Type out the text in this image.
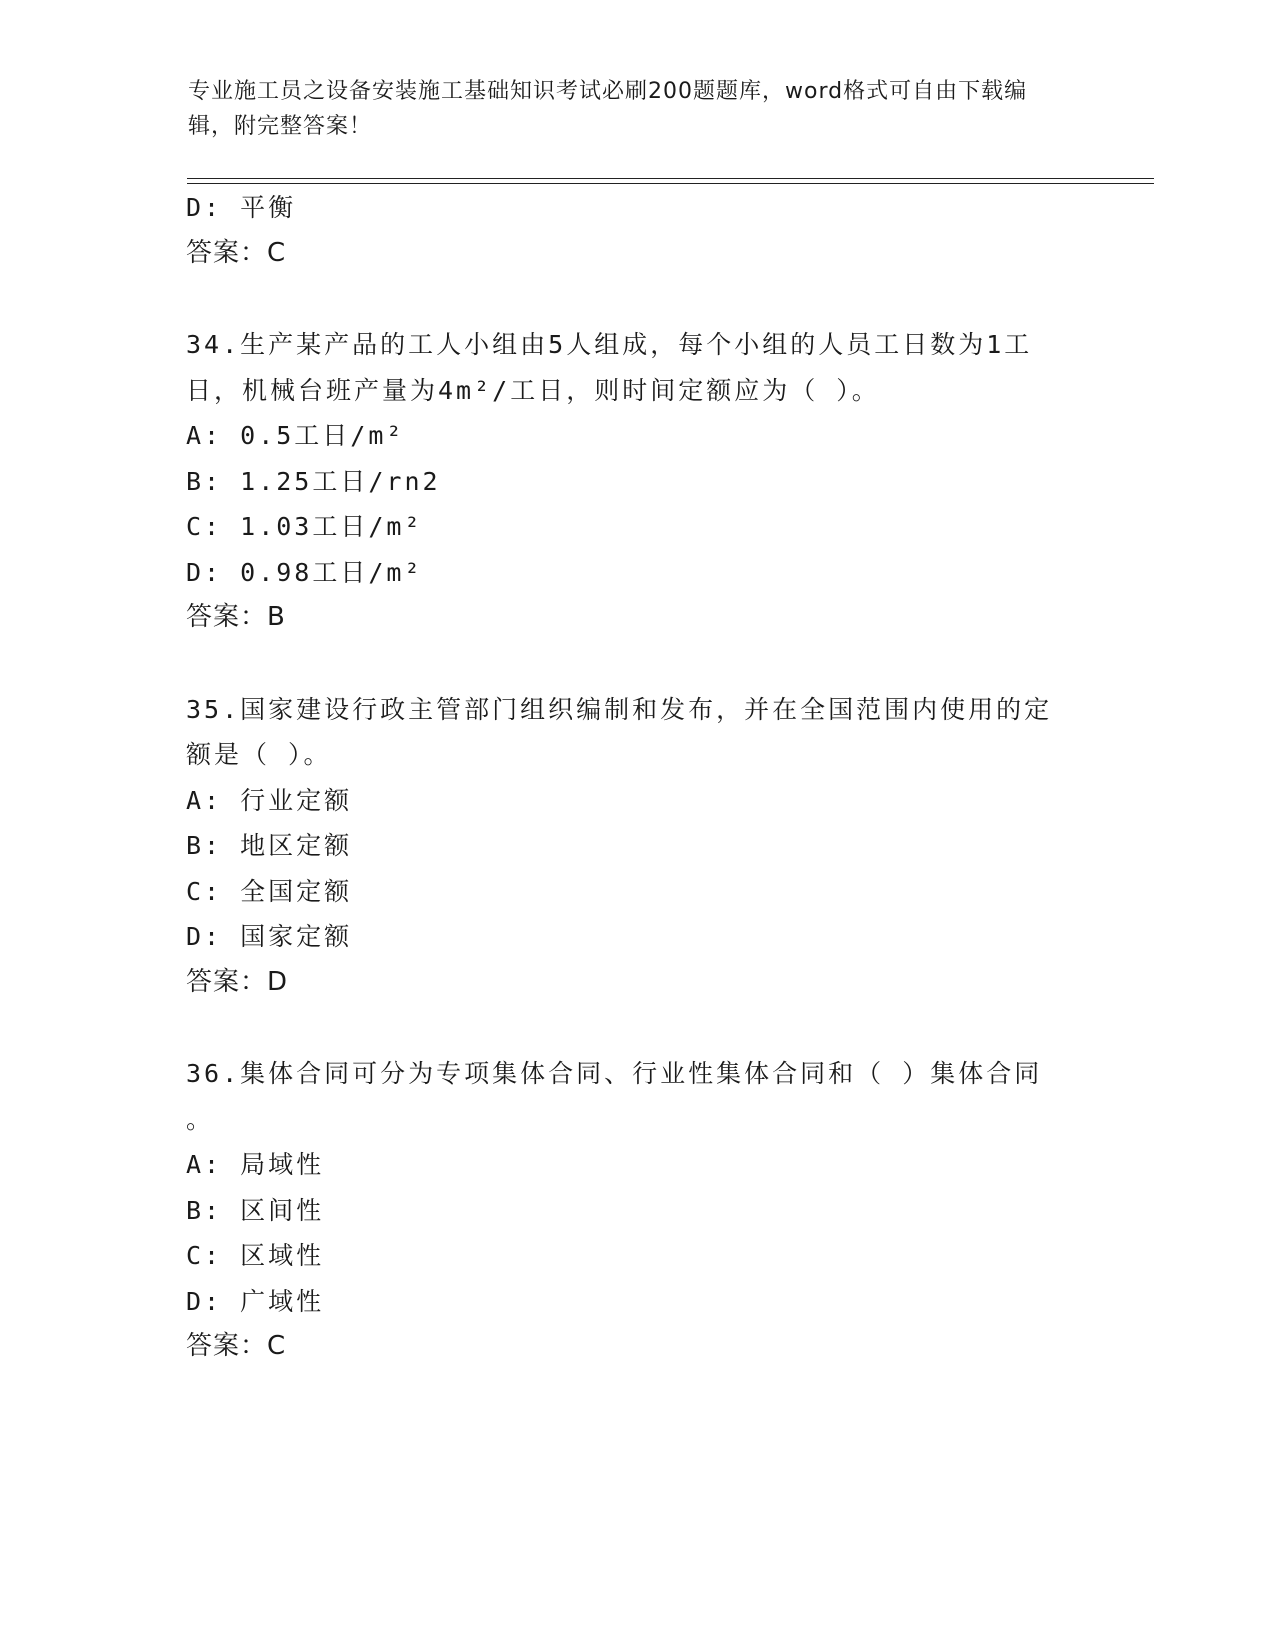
专业施工员之设备安装施工基础知识考试必刷200题题库，word格式可自由下载编辑，附完整答案！
D: 平衡
答案：C
34.生产某产品的工人小组由5人组成，每个小组的人员工日数为1工
日，机械台班产量为4m²/工日，则时间定额应为（ ）。
A: 0.5工日/m²
B: 1.25工日/rn2
C: 1.03工日/m²
D: 0.98工日/m²
答案：B
35.国家建设行政主管部门组织编制和发布，并在全国范围内使用的定
额是（ ）。
A: 行业定额
B: 地区定额
C: 全国定额
D: 国家定额
答案：D
36.集体合同可分为专项集体合同、行业性集体合同和（ ）集体合同
。
A: 局域性
B: 区间性
C: 区域性
D: 广域性
答案：C
